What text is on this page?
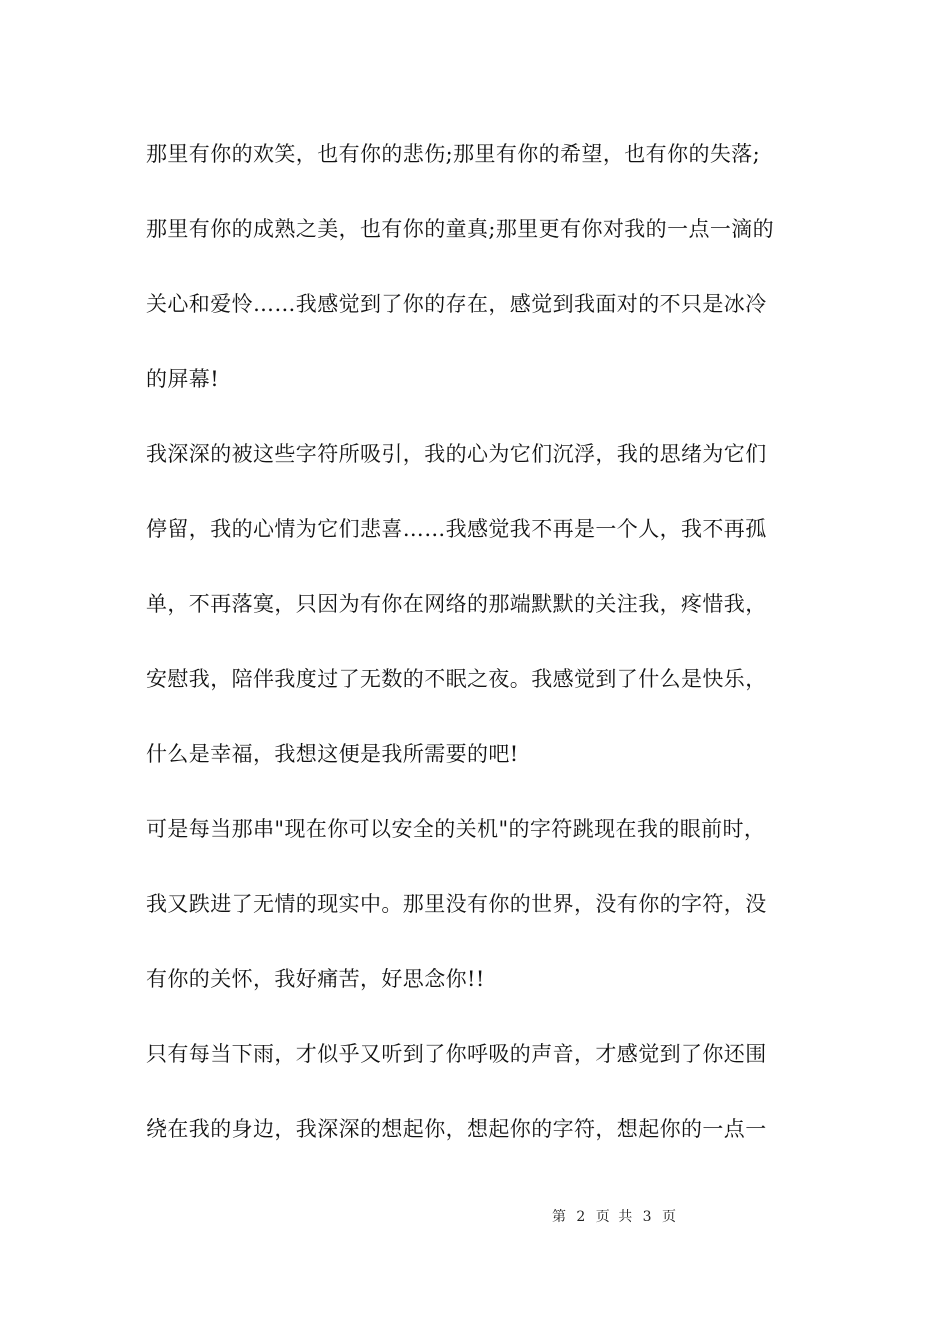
那里有你的欢笑，也有你的悲伤;那里有你的希望，也有你的失落;
那里有你的成熟之美，也有你的童真;那里更有你对我的一点一滴的
关心和爱怜……我感觉到了你的存在，感觉到我面对的不只是冰冷
的屏幕!
我深深的被这些字符所吸引，我的心为它们沉浮，我的思绪为它们
停留，我的心情为它们悲喜……我感觉我不再是一个人，我不再孤
单，不再落寞，只因为有你在网络的那端默默的关注我，疼惜我，
安慰我，陪伴我度过了无数的不眠之夜。我感觉到了什么是快乐，
什么是幸福，我想这便是我所需要的吧!
可是每当那串"现在你可以安全的关机"的字符跳现在我的眼前时，
我又跌进了无情的现实中。那里没有你的世界，没有你的字符，没
有你的关怀，我好痛苦，好思念你!!
只有每当下雨，才似乎又听到了你呼吸的声音，才感觉到了你还围
绕在我的身边，我深深的想起你，想起你的字符，想起你的一点一
第 2 页 共 3 页
